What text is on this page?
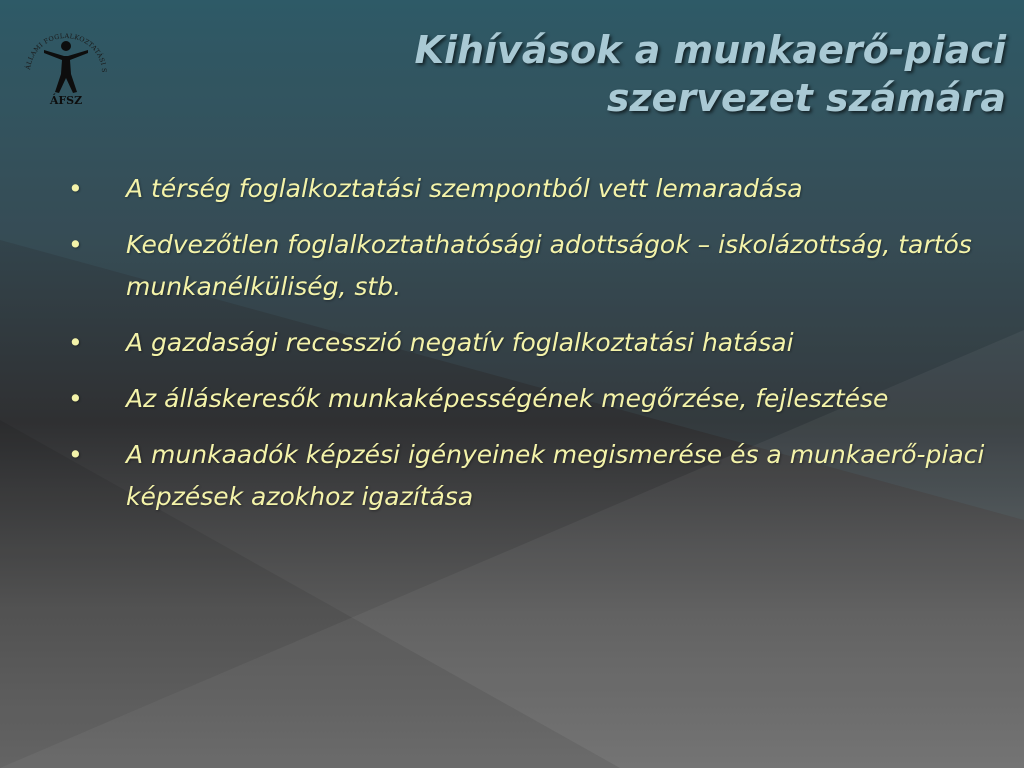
ÁLLAMI FOGLALKOZTATÁSI S
ÁFSZ
Kihívások a munkaerő-piaci szervezet számára
• A térség foglalkoztatási szempontból vett lemaradása
• Kedvezőtlen foglalkoztathatósági adottságok – iskolázottság, tartós munkanélküliség, stb.
• A gazdasági recesszió negatív foglalkoztatási hatásai
• Az álláskeresők munkaképességének megőrzése, fejlesztése
• A munkaadók képzési igényeinek megismerése és a munkaerő-piaci képzések azokhoz igazítása
